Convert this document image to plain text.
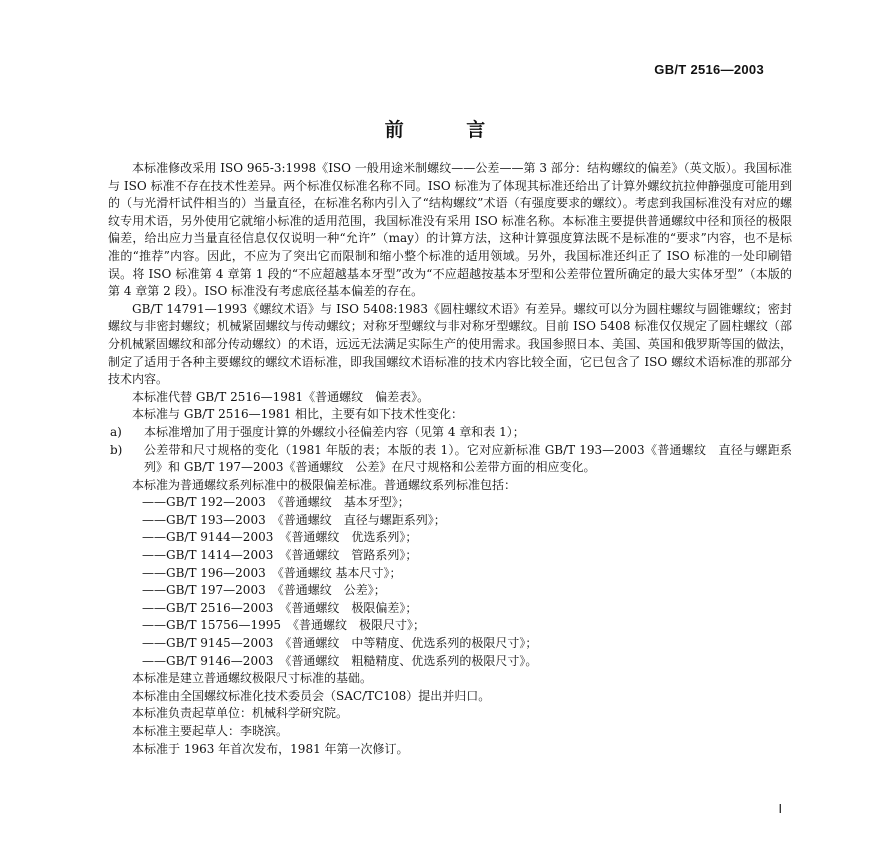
GB/T 2516—2003
前 言

本标准修改采用 ISO 965-3:1998《ISO 一般用途米制螺纹——公差——第 3 部分：结构螺纹的偏差》（英文版）。我国标准与 ISO 标准不存在技术性差异。两个标准仅标准名称不同。ISO 标准为了体现其标准还给出了计算外螺纹抗拉伸静强度可能用到的（与光滑杆试件相当的）当量直径，在标准名称内引入了“结构螺纹”术语（有强度要求的螺纹）。考虑到我国标准没有对应的螺纹专用术语，另外使用它就缩小标准的适用范围，我国标准没有采用 ISO 标准名称。本标准主要提供普通螺纹中径和顶径的极限偏差，给出应力当量直径信息仅仅说明一种“允许”（may）的计算方法，这种计算强度算法既不是标准的“要求”内容，也不是标准的“推荐”内容。因此，不应为了突出它而限制和缩小整个标准的适用领域。另外，我国标准还纠正了 ISO 标准的一处印刷错误。将 ISO 标准第 4 章第 1 段的“不应超越基本牙型”改为“不应超越按基本牙型和公差带位置所确定的最大实体牙型”（本版的第 4 章第 2 段）。ISO 标准没有考虑底径基本偏差的存在。

GB/T 14791—1993《螺纹术语》与 ISO 5408:1983《圆柱螺纹术语》有差异。螺纹可以分为圆柱螺纹与圆锥螺纹；密封螺纹与非密封螺纹；机械紧固螺纹与传动螺纹；对称牙型螺纹与非对称牙型螺纹。目前 ISO 5408 标准仅仅规定了圆柱螺纹（部分机械紧固螺纹和部分传动螺纹）的术语，远远无法满足实际生产的使用需求。我国参照日本、美国、英国和俄罗斯等国的做法，制定了适用于各种主要螺纹的螺纹术语标准，即我国螺纹术语标准的技术内容比较全面，它已包含了 ISO 螺纹术语标准的那部分技术内容。

本标准代替 GB/T 2516—1981《普通螺纹　偏差表》。

本标准与 GB/T 2516—1981 相比，主要有如下技术性变化：

a)	本标准增加了用于强度计算的外螺纹小径偏差内容（见第 4 章和表 1）；
b)	公差带和尺寸规格的变化（1981 年版的表；本版的表 1）。它对应新标准 GB/T 193—2003《普通螺纹　直径与螺距系列》和 GB/T 197—2003《普通螺纹　公差》在尺寸规格和公差带方面的相应变化。

本标准为普通螺纹系列标准中的极限偏差标准。普通螺纹系列标准包括：

——GB/T 192—2003　《普通螺纹　基本牙型》；
——GB/T 193—2003　《普通螺纹　直径与螺距系列》；
——GB/T 9144—2003　《普通螺纹　优选系列》；
——GB/T 1414—2003　《普通螺纹　管路系列》；
——GB/T 196—2003　《普通螺纹 基本尺寸》；
——GB/T 197—2003　《普通螺纹　公差》；
——GB/T 2516—2003　《普通螺纹　极限偏差》；
——GB/T 15756—1995　《普通螺纹　极限尺寸》；
——GB/T 9145—2003　《普通螺纹　中等精度、优选系列的极限尺寸》；
——GB/T 9146—2003　《普通螺纹　粗糙精度、优选系列的极限尺寸》。

本标准是建立普通螺纹极限尺寸标准的基础。

本标准由全国螺纹标准化技术委员会（SAC/TC108）提出并归口。

本标准负责起草单位：机械科学研究院。

本标准主要起草人：李晓滨。

本标准于 1963 年首次发布，1981 年第一次修订。

I
